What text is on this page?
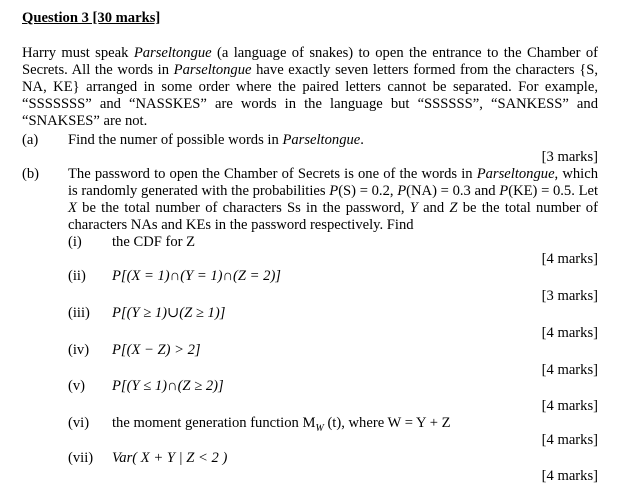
Question 3 [30 marks]
Harry must speak Parseltongue (a language of snakes) to open the entrance to the Chamber of Secrets. All the words in Parseltongue have exactly seven letters formed from the characters {S, NA, KE} arranged in some order where the paired letters cannot be separated. For example, “SSSSSSS” and “NASSKES” are words in the language but “SSSSSS”, “SANKESS” and “SNAKSES” are not.
(a) Find the numer of possible words in Parseltongue.
[3 marks]
(b) The password to open the Chamber of Secrets is one of the words in Parseltongue, which is randomly generated with the probabilities P(S) = 0.2, P(NA) = 0.3 and P(KE) = 0.5. Let X be the total number of characters Ss in the password, Y and Z be the total number of characters NAs and KEs in the password respectively. Find
(i) the CDF for Z
[4 marks]
(ii) P[(X = 1)∩(Y = 1)∩(Z = 2)]
[3 marks]
(iii) P[(Y ≥ 1)∪(Z ≥ 1)]
[4 marks]
(iv) P[(X − Z) > 2]
[4 marks]
(v) P[(Y ≤ 1)∩(Z ≥ 2)]
[4 marks]
(vi) the moment generation function $M_W$ (t), where W = Y + Z
[4 marks]
(vii) Var( X + Y | Z < 2 )
[4 marks]
